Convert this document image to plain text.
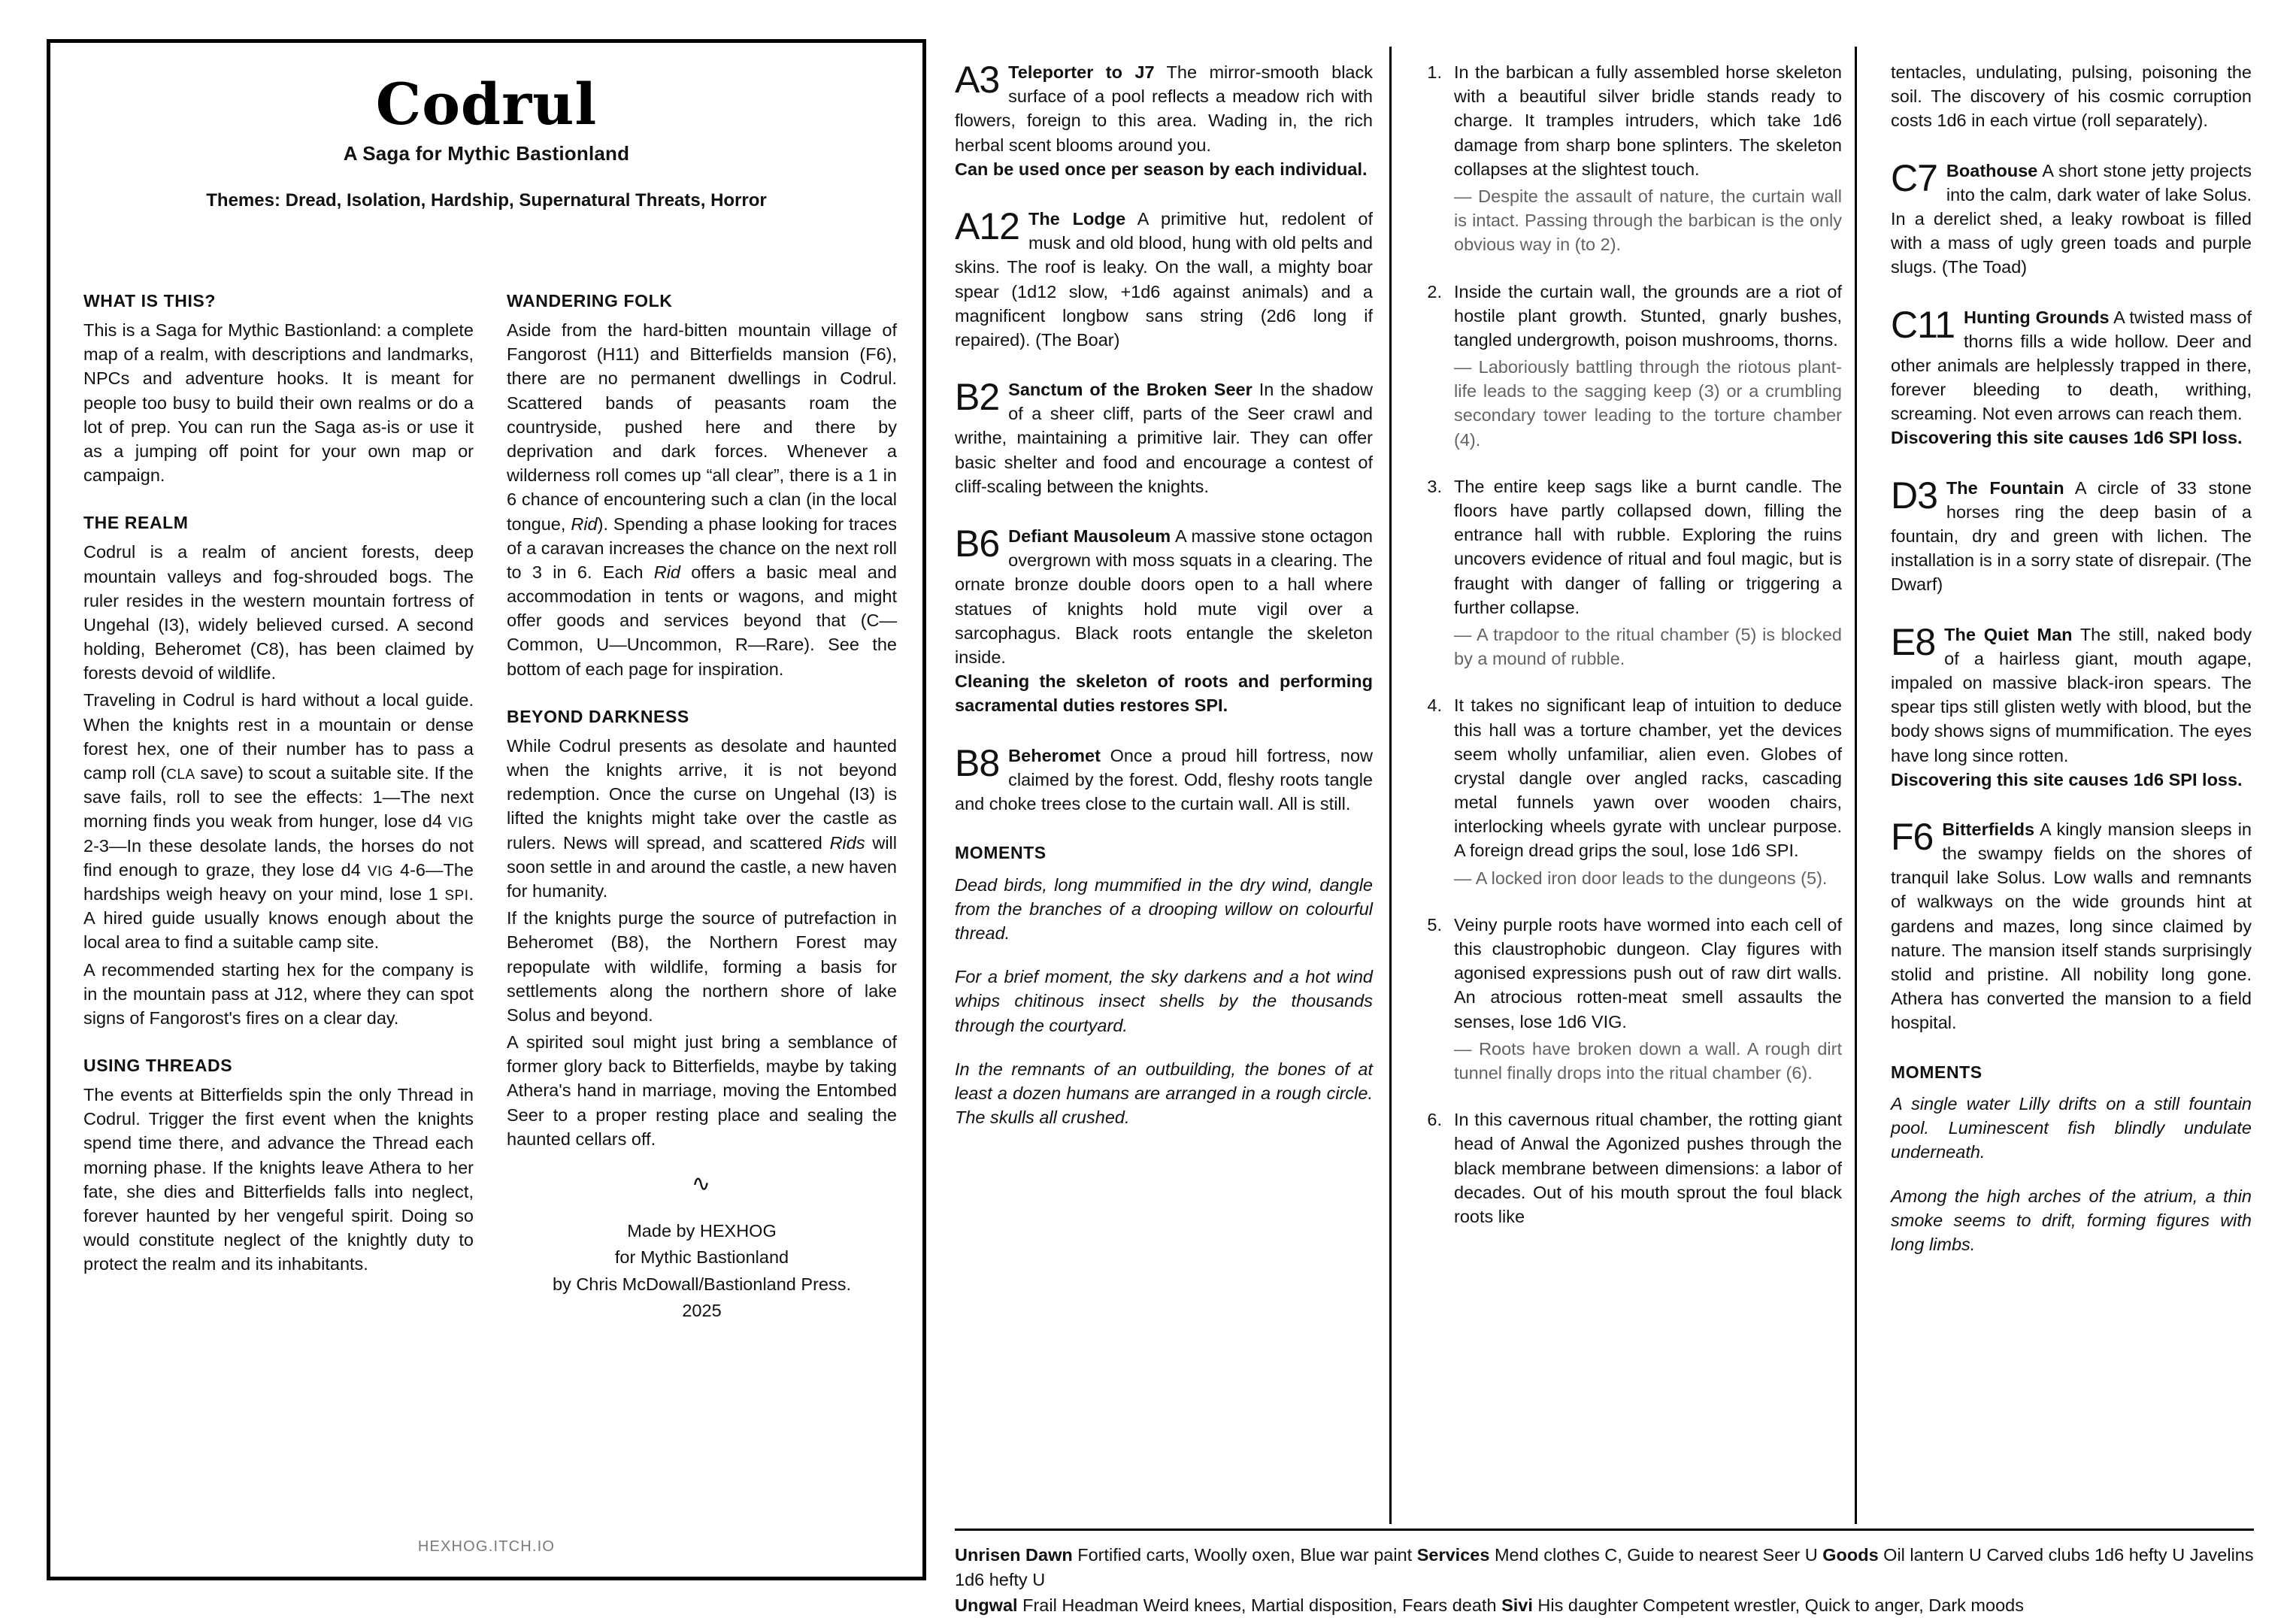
Codrul
A Saga for Mythic Bastionland
Themes: Dread, Isolation, Hardship, Supernatural Threats, Horror
WHAT IS THIS?

This is a Saga for Mythic Bastionland: a complete map of a realm, with descriptions and landmarks, NPCs and adventure hooks. It is meant for people too busy to build their own realms or do a lot of prep. You can run the Saga as-is or use it as a jumping off point for your own map or campaign.

THE REALM

Codrul is a realm of ancient forests, deep mountain valleys and fog-shrouded bogs. The ruler resides in the western mountain fortress of Ungehal (I3), widely believed cursed. A second holding, Beheromet (C8), has been claimed by forests devoid of wildlife.

Traveling in Codrul is hard without a local guide. When the knights rest in a mountain or dense forest hex, one of their number has to pass a camp roll (CLA save) to scout a suitable site. If the save fails, roll to see the effects: 1—The next morning finds you weak from hunger, lose d4 VIG 2-3—In these desolate lands, the horses do not find enough to graze, they lose d4 VIG 4-6—The hardships weigh heavy on your mind, lose 1 SPI. A hired guide usually knows enough about the local area to find a suitable camp site.

A recommended starting hex for the company is in the mountain pass at J12, where they can spot signs of Fangorost's fires on a clear day.

USING THREADS

The events at Bitterfields spin the only Thread in Codrul. Trigger the first event when the knights spend time there, and advance the Thread each morning phase. If the knights leave Athera to her fate, she dies and Bitterfields falls into neglect, forever haunted by her vengeful spirit. Doing so would constitute neglect of the knightly duty to protect the realm and its inhabitants.

WANDERING FOLK

Aside from the hard-bitten mountain village of Fangorost (H11) and Bitterfields mansion (F6), there are no permanent dwellings in Codrul. Scattered bands of peasants roam the countryside, pushed here and there by deprivation and dark forces. Whenever a wilderness roll comes up “all clear”, there is a 1 in 6 chance of encountering such a clan (in the local tongue, Rid). Spending a phase looking for traces of a caravan increases the chance on the next roll to 3 in 6. Each Rid offers a basic meal and accommodation in tents or wagons, and might offer goods and services beyond that (C—Common, U—Uncommon, R—Rare). See the bottom of each page for inspiration.

BEYOND DARKNESS

While Codrul presents as desolate and haunted when the knights arrive, it is not beyond redemption. Once the curse on Ungehal (I3) is lifted the knights might take over the castle as rulers. News will spread, and scattered Rids will soon settle in and around the castle, a new haven for humanity.

If the knights purge the source of putrefaction in Beheromet (B8), the Northern Forest may repopulate with wildlife, forming a basis for settlements along the northern shore of lake Solus and beyond.

A spirited soul might just bring a semblance of former glory back to Bitterfields, maybe by taking Athera's hand in marriage, moving the Entombed Seer to a proper resting place and sealing the haunted cellars off.

∿
Made by HEXHOG
for Mythic Bastionland
by Chris McDowall/Bastionland Press.
2025
HEXHOG.ITCH.IO
A3 Teleporter to J7 The mirror-smooth black surface of a pool reflects a meadow rich with flowers, foreign to this area. Wading in, the rich herbal scent blooms around you.

Can be used once per season by each individual.

A12 The Lodge A primitive hut, redolent of musk and old blood, hung with old pelts and skins. The roof is leaky. On the wall, a mighty boar spear (1d12 slow, +1d6 against animals) and a magnificent longbow sans string (2d6 long if repaired). (The Boar)

B2 Sanctum of the Broken Seer In the shadow of a sheer cliff, parts of the Seer crawl and writhe, maintaining a primitive lair. They can offer basic shelter and food and encourage a contest of cliff-scaling between the knights.

B6 Defiant Mausoleum A massive stone octagon overgrown with moss squats in a clearing. The ornate bronze double doors open to a hall where statues of knights hold mute vigil over a sarcophagus. Black roots entangle the skeleton inside.

Cleaning the skeleton of roots and performing sacramental duties restores SPI.

B8 Beheromet Once a proud hill fortress, now claimed by the forest. Odd, fleshy roots tangle and choke trees close to the curtain wall. All is still.

MOMENTS

Dead birds, long mummified in the dry wind, dangle from the branches of a drooping willow on colourful thread.

For a brief moment, the sky darkens and a hot wind whips chitinous insect shells by the thousands through the courtyard.

In the remnants of an outbuilding, the bones of at least a dozen humans are arranged in a rough circle. The skulls all crushed.

1. In the barbican a fully assembled horse skeleton with a beautiful silver bridle stands ready to charge. It tramples intruders, which take 1d6 damage from sharp bone splinters. The skeleton collapses at the slightest touch.
— Despite the assault of nature, the curtain wall is intact. Passing through the barbican is the only obvious way in (to 2).
2. Inside the curtain wall, the grounds are a riot of hostile plant growth. Stunted, gnarly bushes, tangled undergrowth, poison mushrooms, thorns.
— Laboriously battling through the riotous plant-life leads to the sagging keep (3) or a crumbling secondary tower leading to the torture chamber (4).
3. The entire keep sags like a burnt candle. The floors have partly collapsed down, filling the entrance hall with rubble. Exploring the ruins uncovers evidence of ritual and foul magic, but is fraught with danger of falling or triggering a further collapse.
— A trapdoor to the ritual chamber (5) is blocked by a mound of rubble.
4. It takes no significant leap of intuition to deduce this hall was a torture chamber, yet the devices seem wholly unfamiliar, alien even. Globes of crystal dangle over angled racks, cascading metal funnels yawn over wooden chairs, interlocking wheels gyrate with unclear purpose. A foreign dread grips the soul, lose 1d6 SPI.
— A locked iron door leads to the dungeons (5).
5. Veiny purple roots have wormed into each cell of this claustrophobic dungeon. Clay figures with agonised expressions push out of raw dirt walls. An atrocious rotten-meat smell assaults the senses, lose 1d6 VIG.
— Roots have broken down a wall. A rough dirt tunnel finally drops into the ritual chamber (6).
6. In this cavernous ritual chamber, the rotting giant head of Anwal the Agonized pushes through the black membrane between dimensions: a labor of decades. Out of his mouth sprout the foul black roots like

tentacles, undulating, pulsing, poisoning the soil. The discovery of his cosmic corruption costs 1d6 in each virtue (roll separately).

C7 Boathouse A short stone jetty projects into the calm, dark water of lake Solus. In a derelict shed, a leaky rowboat is filled with a mass of ugly green toads and purple slugs. (The Toad)

C11 Hunting Grounds A twisted mass of thorns fills a wide hollow. Deer and other animals are helplessly trapped in there, forever bleeding to death, writhing, screaming. Not even arrows can reach them.

Discovering this site causes 1d6 SPI loss.

D3 The Fountain A circle of 33 stone horses ring the deep basin of a fountain, dry and green with lichen. The installation is in a sorry state of disrepair. (The Dwarf)

E8 The Quiet Man The still, naked body of a hairless giant, mouth agape, impaled on massive black-iron spears. The spear tips still glisten wetly with blood, but the body shows signs of mummification. The eyes have long since rotten.

Discovering this site causes 1d6 SPI loss.

F6 Bitterfields A kingly mansion sleeps in the swampy fields on the shores of tranquil lake Solus. Low walls and remnants of walkways on the wide grounds hint at gardens and mazes, long since claimed by nature. The mansion itself stands surprisingly stolid and pristine. All nobility long gone. Athera has converted the mansion to a field hospital.

MOMENTS

A single water Lilly drifts on a still fountain pool. Luminescent fish blindly undulate underneath.

Among the high arches of the atrium, a thin smoke seems to drift, forming figures with long limbs.

Unrisen Dawn Fortified carts, Woolly oxen, Blue war paint Services Mend clothes C, Guide to nearest Seer U Goods Oil lantern U Carved clubs 1d6 hefty U Javelins 1d6 hefty U
Ungwal Frail Headman Weird knees, Martial disposition, Fears death Sivi His daughter Competent wrestler, Quick to anger, Dark moods
